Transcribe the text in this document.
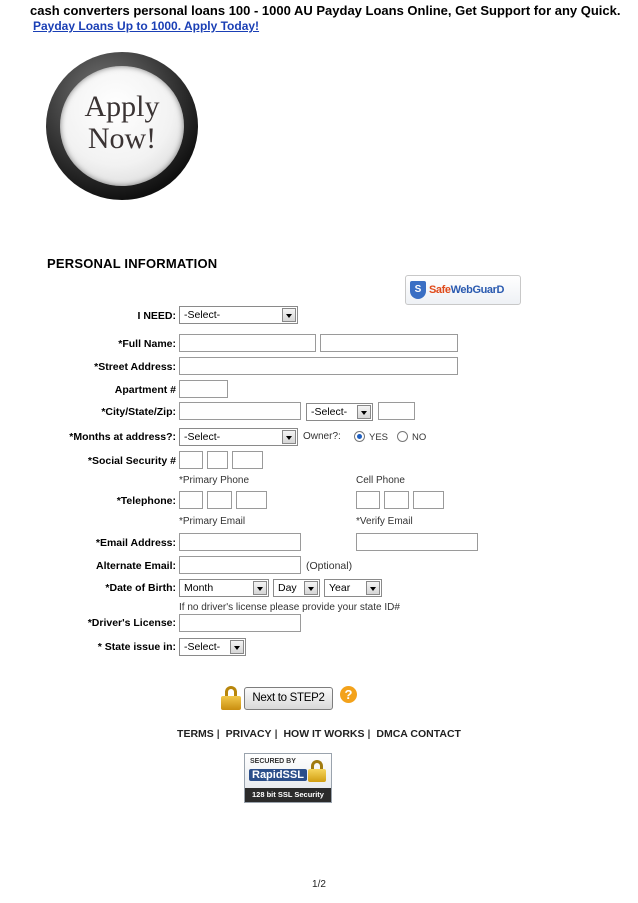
cash converters personal loans 100 - 1000 AU Payday Loans Online, Get Support for any Quick.
Payday Loans Up to 1000. Apply Today!
Apply
Now!
PERSONAL INFORMATION
S SafeWebGuarD
I NEED: -Select-
*Full Name:
*Street Address:
Apartment #
*City/State/Zip:	-Select-
*Months at address?: -Select-	Owner?:	YES	NO
*Social Security #
*Primary Phone	Cell Phone
*Telephone:
*Primary Email	*Verify Email
*Email Address:
Alternate Email:	(Optional)
*Date of Birth: Month	Day	Year
If no driver's license please provide your state ID#
*Driver's License:
* State issue in: -Select-
Next to STEP2	?
TERMS | PRIVACY | HOW IT WORKS | DMCA CONTACT
SECURED BY
RapidSSL
128 bit SSL Security
1/2
